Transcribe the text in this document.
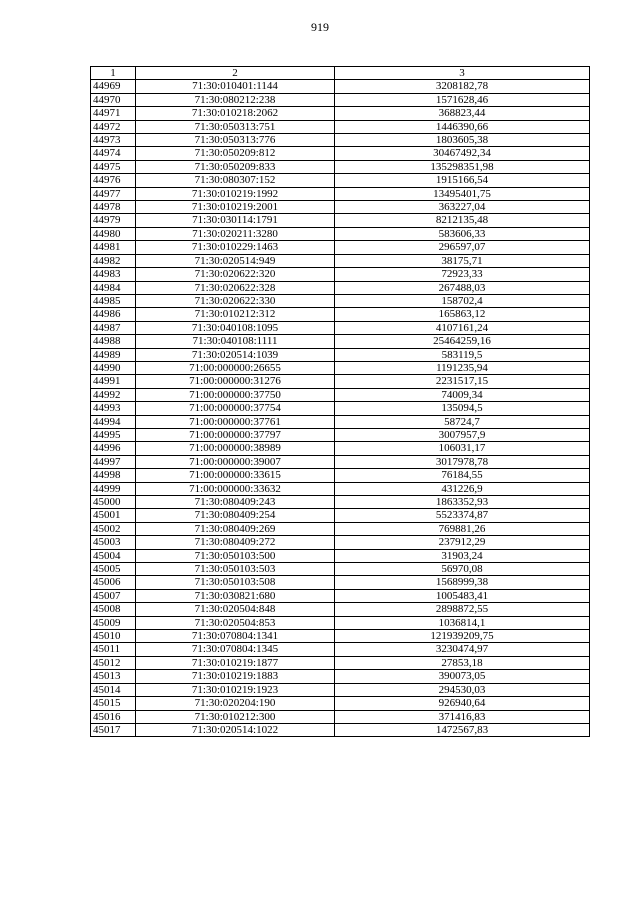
919
1	2	3
44969	71:30:010401:1144	3208182,78
44970	71:30:080212:238	1571628,46
44971	71:30:010218:2062	368823,44
44972	71:30:050313:751	1446390,66
44973	71:30:050313:776	1803605,38
44974	71:30:050209:812	30467492,34
44975	71:30:050209:833	135298351,98
44976	71:30:080307:152	1915166,54
44977	71:30:010219:1992	13495401,75
44978	71:30:010219:2001	363227,04
44979	71:30:030114:1791	8212135,48
44980	71:30:020211:3280	583606,33
44981	71:30:010229:1463	296597,07
44982	71:30:020514:949	38175,71
44983	71:30:020622:320	72923,33
44984	71:30:020622:328	267488,03
44985	71:30:020622:330	158702,4
44986	71:30:010212:312	165863,12
44987	71:30:040108:1095	4107161,24
44988	71:30:040108:1111	25464259,16
44989	71:30:020514:1039	583119,5
44990	71:00:000000:26655	1191235,94
44991	71:00:000000:31276	2231517,15
44992	71:00:000000:37750	74009,34
44993	71:00:000000:37754	135094,5
44994	71:00:000000:37761	58724,7
44995	71:00:000000:37797	3007957,9
44996	71:00:000000:38989	106031,17
44997	71:00:000000:39007	3017978,78
44998	71:00:000000:33615	76184,55
44999	71:00:000000:33632	431226,9
45000	71:30:080409:243	1863352,93
45001	71:30:080409:254	5523374,87
45002	71:30:080409:269	769881,26
45003	71:30:080409:272	237912,29
45004	71:30:050103:500	31903,24
45005	71:30:050103:503	56970,08
45006	71:30:050103:508	1568999,38
45007	71:30:030821:680	1005483,41
45008	71:30:020504:848	2898872,55
45009	71:30:020504:853	1036814,1
45010	71:30:070804:1341	121939209,75
45011	71:30:070804:1345	3230474,97
45012	71:30:010219:1877	27853,18
45013	71:30:010219:1883	390073,05
45014	71:30:010219:1923	294530,03
45015	71:30:020204:190	926940,64
45016	71:30:010212:300	371416,83
45017	71:30:020514:1022	1472567,83
